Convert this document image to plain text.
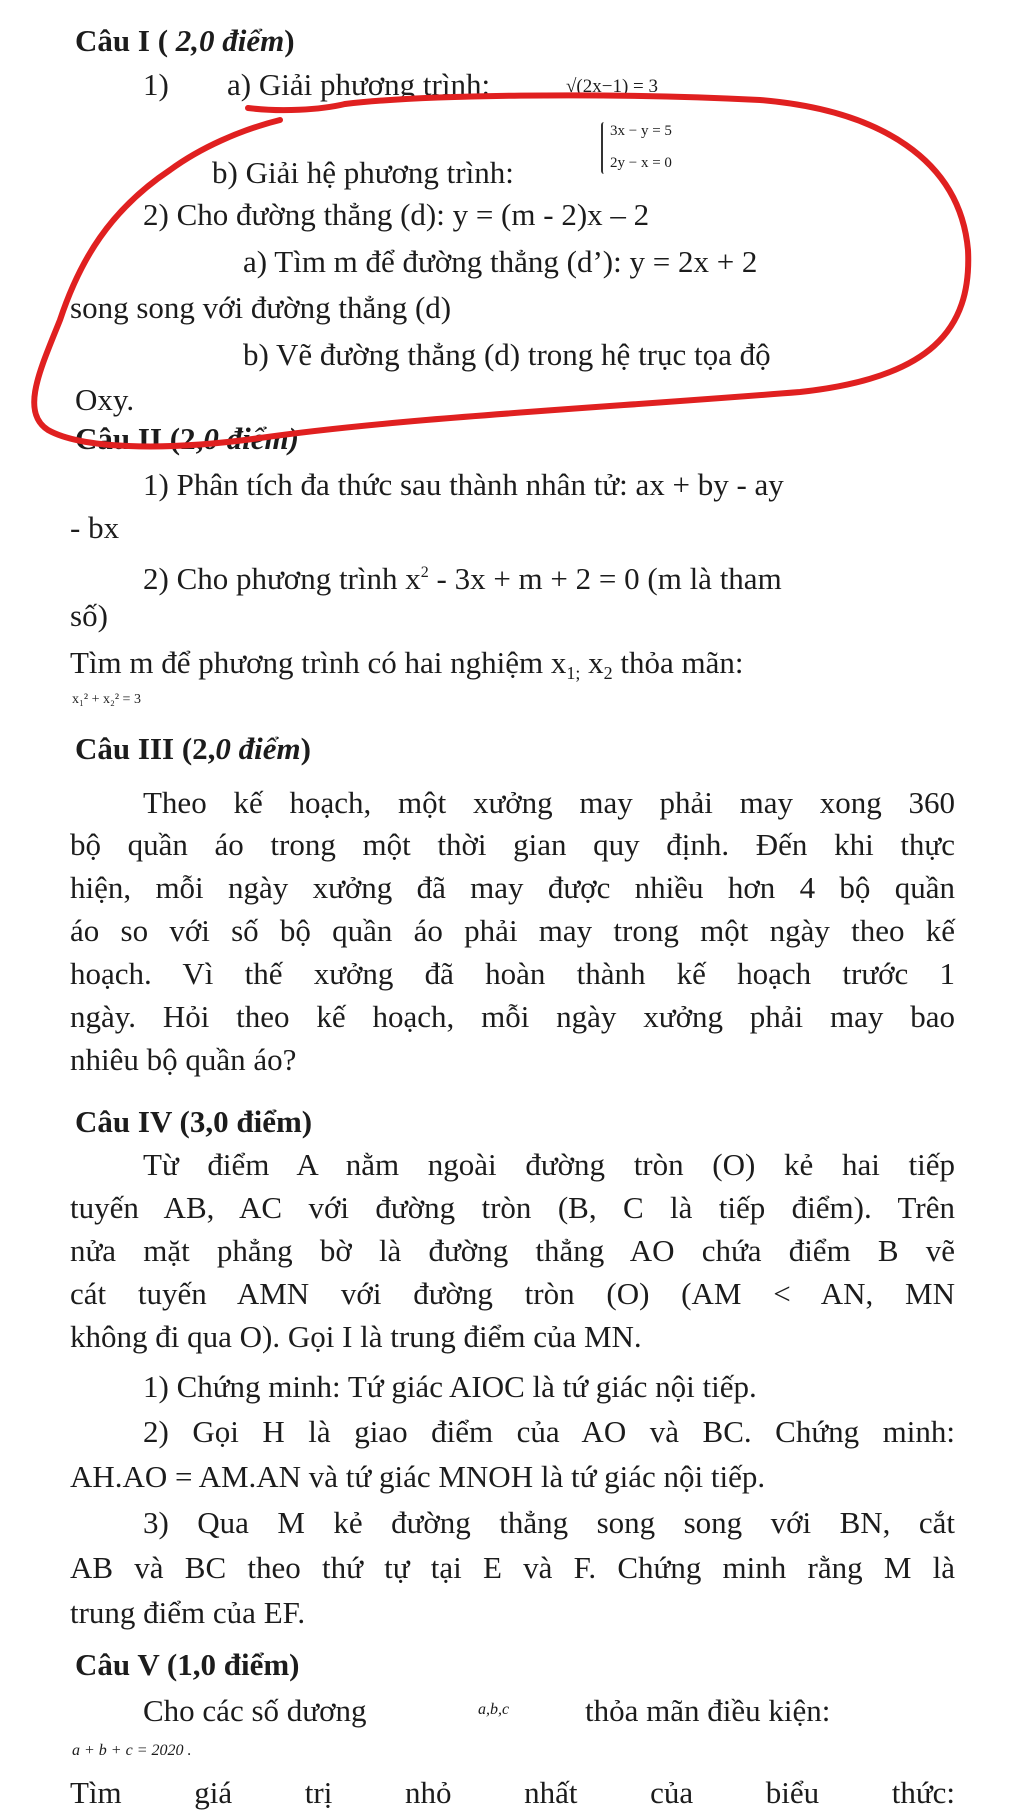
Câu I ( 2,0 điểm)
1) a) Giải phương trình:	√(2x−1) = 3
b) Giải hệ phương trình:
3x − y = 5
2y − x = 0
2) Cho đường thẳng (d): y = (m - 2)x – 2
a) Tìm m để đường thẳng (d’): y = 2x + 2
song song với đường thẳng (d)
b) Vẽ đường thẳng (d) trong hệ trục tọa độ
Oxy.
Câu II (2,0 điểm)
1) Phân tích đa thức sau thành nhân tử: ax + by - ay
- bx
2) Cho phương trình $x^2 - 3x + m + 2 = 0$ (m là tham
số)
Tìm m để phương trình có hai nghiệm $x_{1;}$ $x_2$ thỏa mãn:
x₁² + x₂² = 3
Câu III (2,0 điểm)
Theo kế hoạch, một xưởng may phải may xong 360
bộ quần áo trong một thời gian quy định. Đến khi thực
hiện, mỗi ngày xưởng đã may được nhiều hơn 4 bộ quần
áo so với số bộ quần áo phải may trong một ngày theo kế
hoạch. Vì thế xưởng đã hoàn thành kế hoạch trước 1
ngày. Hỏi theo kế hoạch, mỗi ngày xưởng phải may bao
nhiêu bộ quần áo?
Câu IV (3,0 điểm)
Từ điểm A nằm ngoài đường tròn (O) kẻ hai tiếp
tuyến AB, AC với đường tròn (B, C là tiếp điểm). Trên
nửa mặt phẳng bờ là đường thẳng AO chứa điểm B vẽ
cát tuyến AMN với đường tròn (O) (AM < AN, MN
không đi qua O). Gọi I là trung điểm của MN.
1) Chứng minh: Tứ giác AIOC là tứ giác nội tiếp.
2) Gọi H là giao điểm của AO và BC. Chứng minh:
AH.AO = AM.AN và tứ giác MNOH là tứ giác nội tiếp.
3) Qua M kẻ đường thẳng song song với BN, cắt
AB và BC theo thứ tự tại E và F. Chứng minh rằng M là
trung điểm của EF.
Câu V (1,0 điểm)
Cho các số dương	a,b,c thỏa mãn điều kiện:
a + b + c = 2020 .
Tìm giá trị nhỏ nhất của biểu thức:
